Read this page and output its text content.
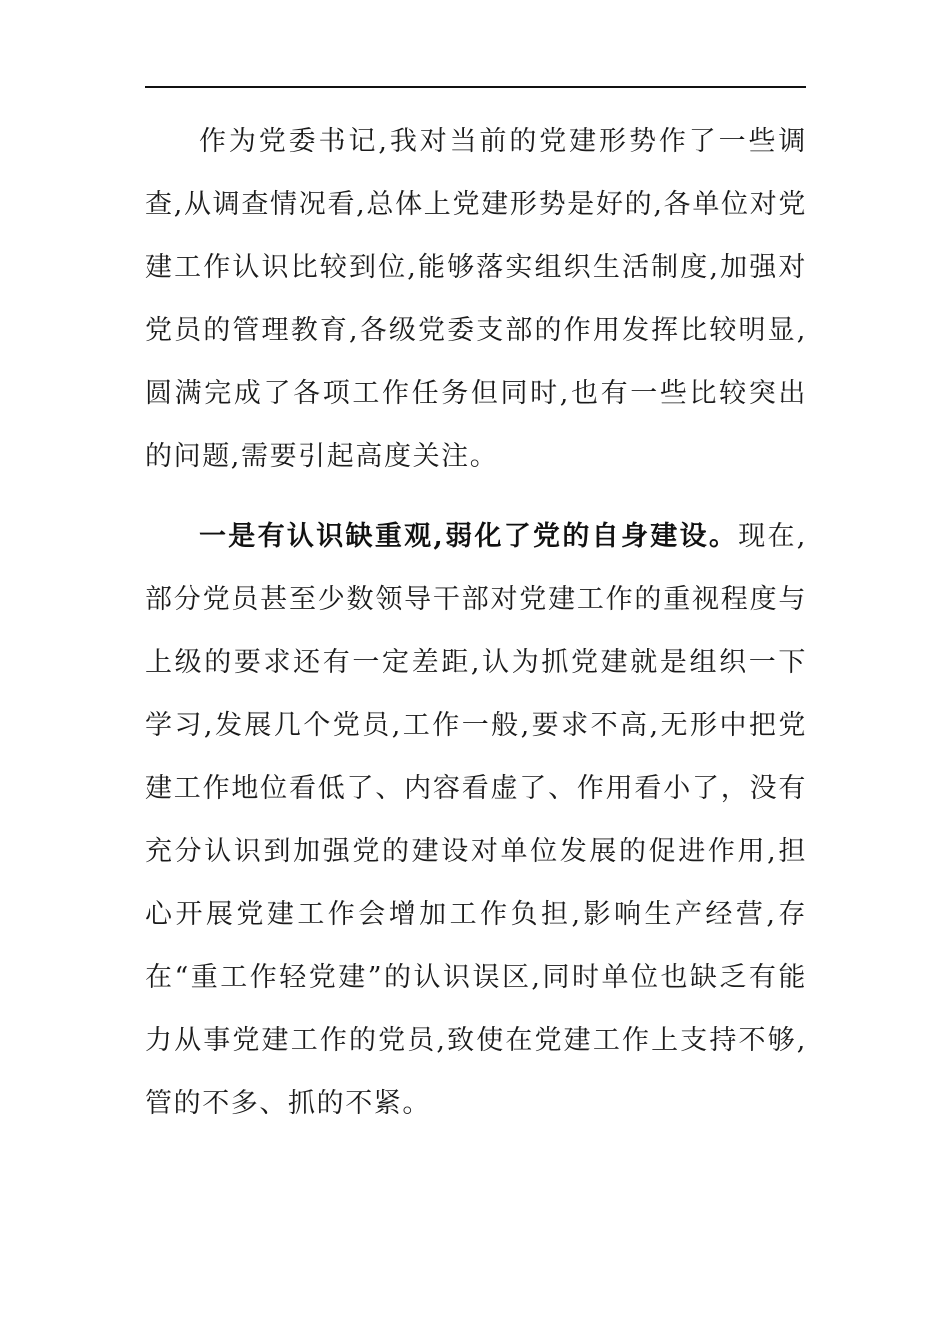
作为党委书记,我对当前的党建形势作了一些调查,从调查情况看,总体上党建形势是好的,各单位对党建工作认识比较到位,能够落实组织生活制度,加强对党员的管理教育,各级党委支部的作用发挥比较明显,圆满完成了各项工作任务但同时,也有一些比较突出的问题,需要引起高度关注。

一是有认识缺重观,弱化了党的自身建设。现在,部分党员甚至少数领导干部对党建工作的重视程度与上级的要求还有一定差距,认为抓党建就是组织一下学习,发展几个党员,工作一般,要求不高,无形中把党建工作地位看低了、内容看虚了、作用看小了，没有充分认识到加强党的建设对单位发展的促进作用,担心开展党建工作会增加工作负担,影响生产经营,存在“重工作轻党建”的认识误区,同时单位也缺乏有能力从事党建工作的党员,致使在党建工作上支持不够,管的不多、抓的不紧。
